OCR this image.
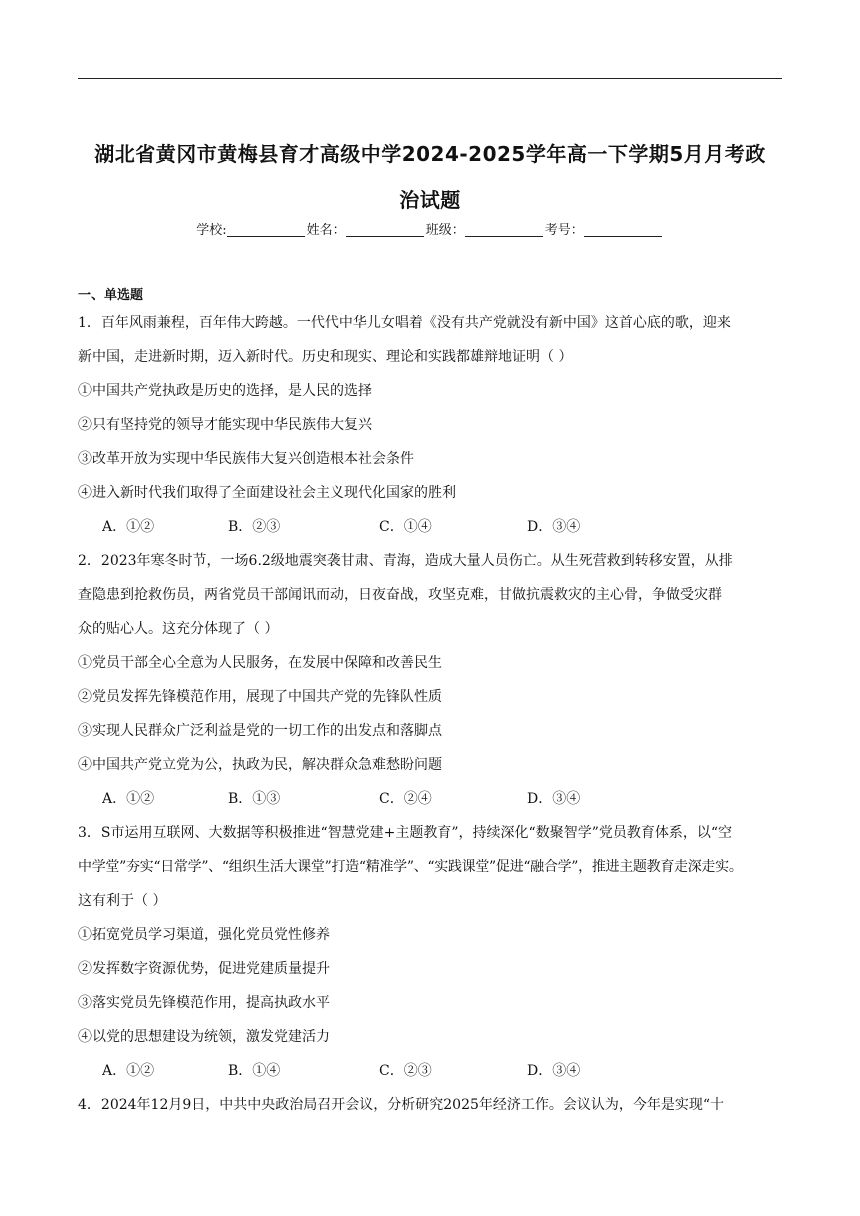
湖北省黄冈市黄梅县育才高级中学2024-2025学年高一下学期5月月考政
治试题
学校:	姓名：	班级：	考号：
一、单选题
1．百年风雨兼程，百年伟大跨越。一代代中华儿女唱着《没有共产党就没有新中国》这首心底的歌，迎来
新中国，走进新时期，迈入新时代。历史和现实、理论和实践都雄辩地证明（ ）
①中国共产党执政是历史的选择，是人民的选择
②只有坚持党的领导才能实现中华民族伟大复兴
③改革开放为实现中华民族伟大复兴创造根本社会条件
④进入新时代我们取得了全面建设社会主义现代化国家的胜利
A．①②	B．②③	C．①④	D．③④
2．2023年寒冬时节，一场6.2级地震突袭甘肃、青海，造成大量人员伤亡。从生死营救到转移安置，从排
查隐患到抢救伤员，两省党员干部闻讯而动，日夜奋战，攻坚克难，甘做抗震救灾的主心骨，争做受灾群
众的贴心人。这充分体现了（ ）
①党员干部全心全意为人民服务，在发展中保障和改善民生
②党员发挥先锋模范作用，展现了中国共产党的先锋队性质
③实现人民群众广泛利益是党的一切工作的出发点和落脚点
④中国共产党立党为公，执政为民，解决群众急难愁盼问题
A．①②	B．①③	C．②④	D．③④
3．S市运用互联网、大数据等积极推进“智慧党建+主题教育”，持续深化“数聚智学”党员教育体系，以“空
中学堂”夯实“日常学”、“组织生活大课堂”打造“精准学”、“实践课堂”促进“融合学”，推进主题教育走深走实。
这有利于（ ）
①拓宽党员学习渠道，强化党员党性修养
②发挥数字资源优势，促进党建质量提升
③落实党员先锋模范作用，提高执政水平
④以党的思想建设为统领，激发党建活力
A．①②	B．①④	C．②③	D．③④
4．2024年12月9日，中共中央政治局召开会议，分析研究2025年经济工作。会议认为，今年是实现“十
